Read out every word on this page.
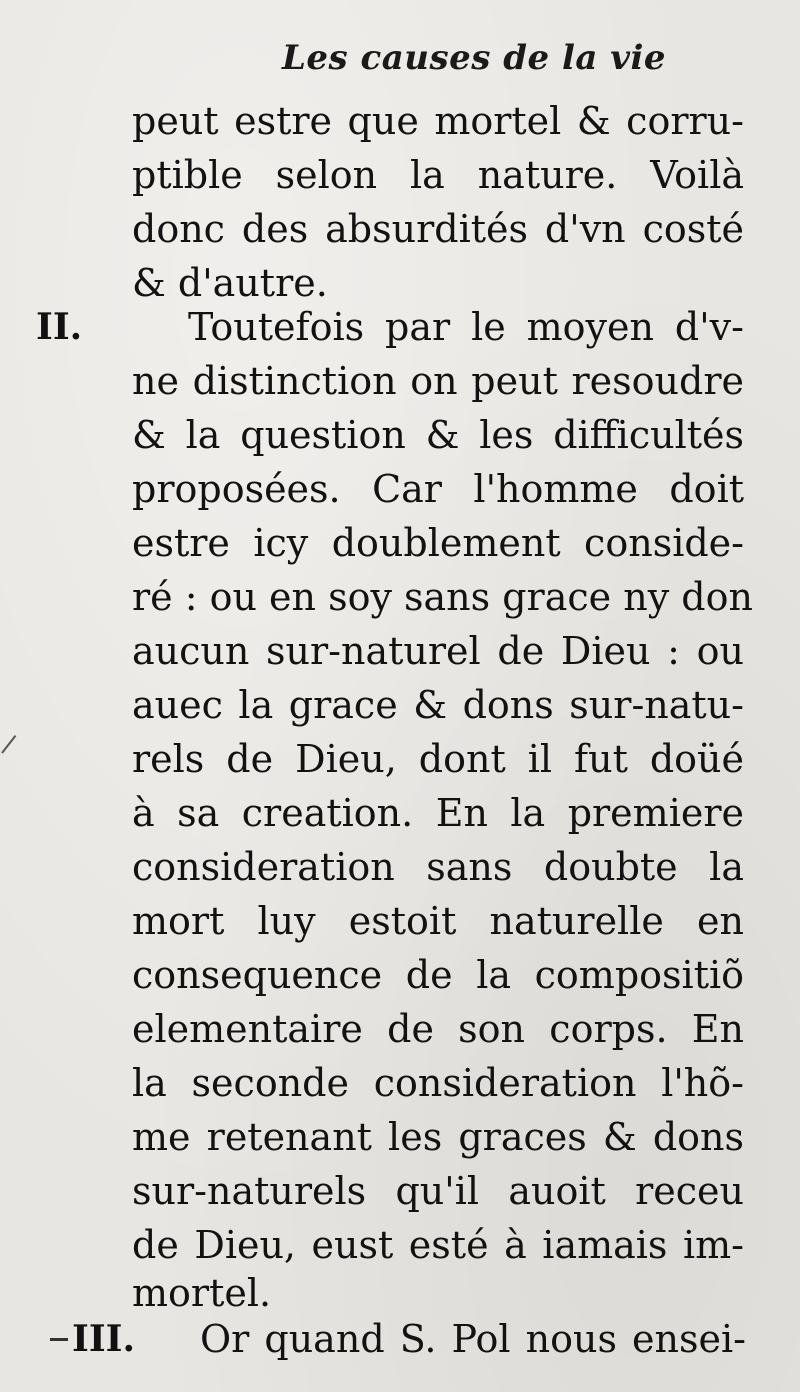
Les causes de la vie
peut estre que mortel & corru-
ptible selon la nature. Voilà
donc des absurdités d'vn costé
& d'autre.
II.	Toutefois par le moyen d'v-
ne distinction on peut resoudre
& la question & les difficultés
proposées. Car l'homme doit
estre icy doublement conside-
ré : ou en soy sans grace ny don
aucun sur-naturel de Dieu : ou
auec la grace & dons sur-natu-
rels de Dieu, dont il fut doüé
à sa creation. En la premiere
consideration sans doubte la
mort luy estoit naturelle en
consequence de la compositiõ
elementaire de son corps. En
la seconde consideration l'hõ-
me retenant les graces & dons
sur-naturels qu'il auoit receu
de Dieu, eust esté à iamais im-
mortel.
III. Or quand S. Pol nous ensei-
